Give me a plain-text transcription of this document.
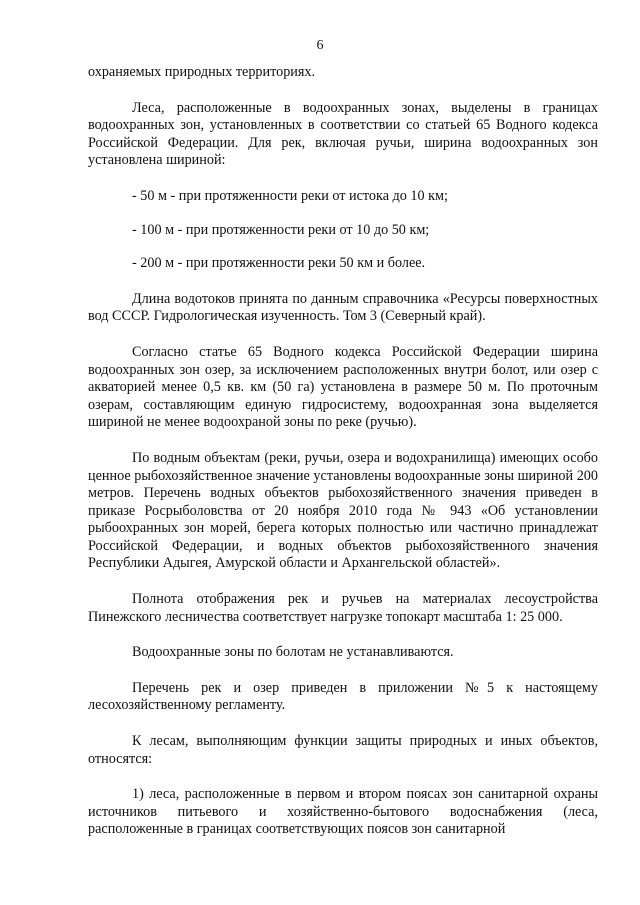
6

охраняемых природных территориях.

Леса, расположенные в водоохранных зонах, выделены в границах водоохранных зон, установленных в соответствии со статьей 65 Водного кодекса Российской Федерации. Для рек, включая ручьи, ширина водоохранных зон установлена шириной:

- 50 м - при протяженности реки от истока до 10 км;

- 100 м - при протяженности реки от 10 до 50 км;

- 200 м - при протяженности реки 50 км и более.

Длина водотоков принята по данным справочника «Ресурсы поверхностных вод СССР. Гидрологическая изученность. Том 3 (Северный край).

Согласно статье 65 Водного кодекса Российской Федерации ширина водоохранных зон озер, за исключением расположенных внутри болот, или озер с акваторией менее 0,5 кв. км (50 га) установлена в размере 50 м. По проточным озерам, составляющим единую гидросистему, водоохранная зона выделяется шириной не менее водоохраной зоны по реке (ручью).

По водным объектам (реки, ручьи, озера и водохранилища) имеющих особо ценное рыбохозяйственное значение установлены водоохранные зоны шириной 200 метров. Перечень водных объектов рыбохозяйственного значения приведен в приказе Росрыболовства от 20 ноября 2010 года № 943 «Об установлении рыбоохранных зон морей, берега которых полностью или частично принадлежат Российской Федерации, и водных объектов рыбохозяйственного значения Республики Адыгея, Амурской области и Архангельской областей».

Полнота отображения рек и ручьев на материалах лесоустройства Пинежского лесничества соответствует нагрузке топокарт масштаба 1: 25 000.

Водоохранные зоны по болотам не устанавливаются.

Перечень рек и озер приведен в приложении №5 к настоящему лесохозяйственному регламенту.

К лесам, выполняющим функции защиты природных и иных объектов, относятся:

1) леса, расположенные в первом и втором поясах зон санитарной охраны источников питьевого и хозяйственно-бытового водоснабжения (леса, расположенные в границах соответствующих поясов зон санитарной
